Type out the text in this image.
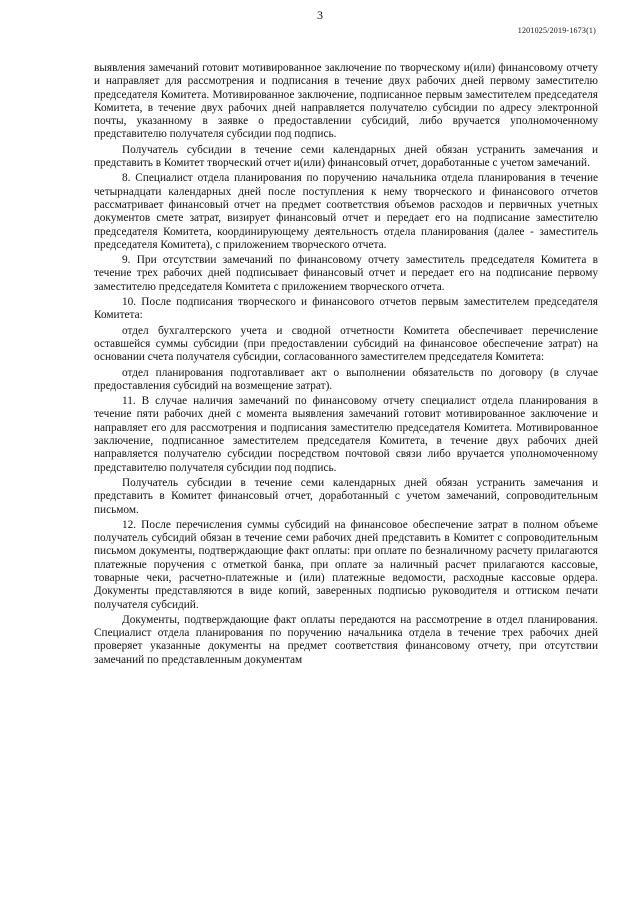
3
1201025/2019-1673(1)

выявления замечаний готовит мотивированное заключение по творческому и(или) финансовому отчету и направляет для рассмотрения и подписания в течение двух рабочих дней первому заместителю председателя Комитета. Мотивированное заключение, подписанное первым заместителем председателя Комитета, в течение двух рабочих дней направляется получателю субсидии по адресу электронной почты, указанному в заявке о предоставлении субсидий, либо вручается уполномоченному представителю получателя субсидии под подпись.

Получатель субсидии в течение семи календарных дней обязан устранить замечания и представить в Комитет творческий отчет и(или) финансовый отчет, доработанные с учетом замечаний.

8. Специалист отдела планирования по поручению начальника отдела планирования в течение четырнадцати календарных дней после поступления к нему творческого и финансового отчетов рассматривает финансовый отчет на предмет соответствия объемов расходов и первичных учетных документов смете затрат, визирует финансовый отчет и передает его на подписание заместителю председателя Комитета, координирующему деятельность отдела планирования (далее - заместитель председателя Комитета), с приложением творческого отчета.

9. При отсутствии замечаний по финансовому отчету заместитель председателя Комитета в течение трех рабочих дней подписывает финансовый отчет и передает его на подписание первому заместителю председателя Комитета с приложением творческого отчета.

10. После подписания творческого и финансового отчетов первым заместителем председателя Комитета:

отдел бухгалтерского учета и сводной отчетности Комитета обеспечивает перечисление оставшейся суммы субсидии (при предоставлении субсидий на финансовое обеспечение затрат) на основании счета получателя субсидии, согласованного заместителем председателя Комитета:

отдел планирования подготавливает акт о выполнении обязательств по договору (в случае предоставления субсидий на возмещение затрат).

11. В случае наличия замечаний по финансовому отчету специалист отдела планирования в течение пяти рабочих дней с момента выявления замечаний готовит мотивированное заключение и направляет его для рассмотрения и подписания заместителю председателя Комитета. Мотивированное заключение, подписанное заместителем председателя Комитета, в течение двух рабочих дней направляется получателю субсидии посредством почтовой связи либо вручается уполномоченному представителю получателя субсидии под подпись.

Получатель субсидии в течение семи календарных дней обязан устранить замечания и представить в Комитет финансовый отчет, доработанный с учетом замечаний, сопроводительным письмом.

12. После перечисления суммы субсидий на финансовое обеспечение затрат в полном объеме получатель субсидий обязан в течение семи рабочих дней представить в Комитет с сопроводительным письмом документы, подтверждающие факт оплаты: при оплате по безналичному расчету прилагаются платежные поручения с отметкой банка, при оплате за наличный расчет прилагаются кассовые, товарные чеки, расчетно-платежные и (или) платежные ведомости, расходные кассовые ордера. Документы представляются в виде копий, заверенных подписью руководителя и оттиском печати получателя субсидий.

Документы, подтверждающие факт оплаты передаются на рассмотрение в отдел планирования. Специалист отдела планирования по поручению начальника отдела в течение трех рабочих дней проверяет указанные документы на предмет соответствия финансовому отчету, при отсутствии замечаний по представленным документам
